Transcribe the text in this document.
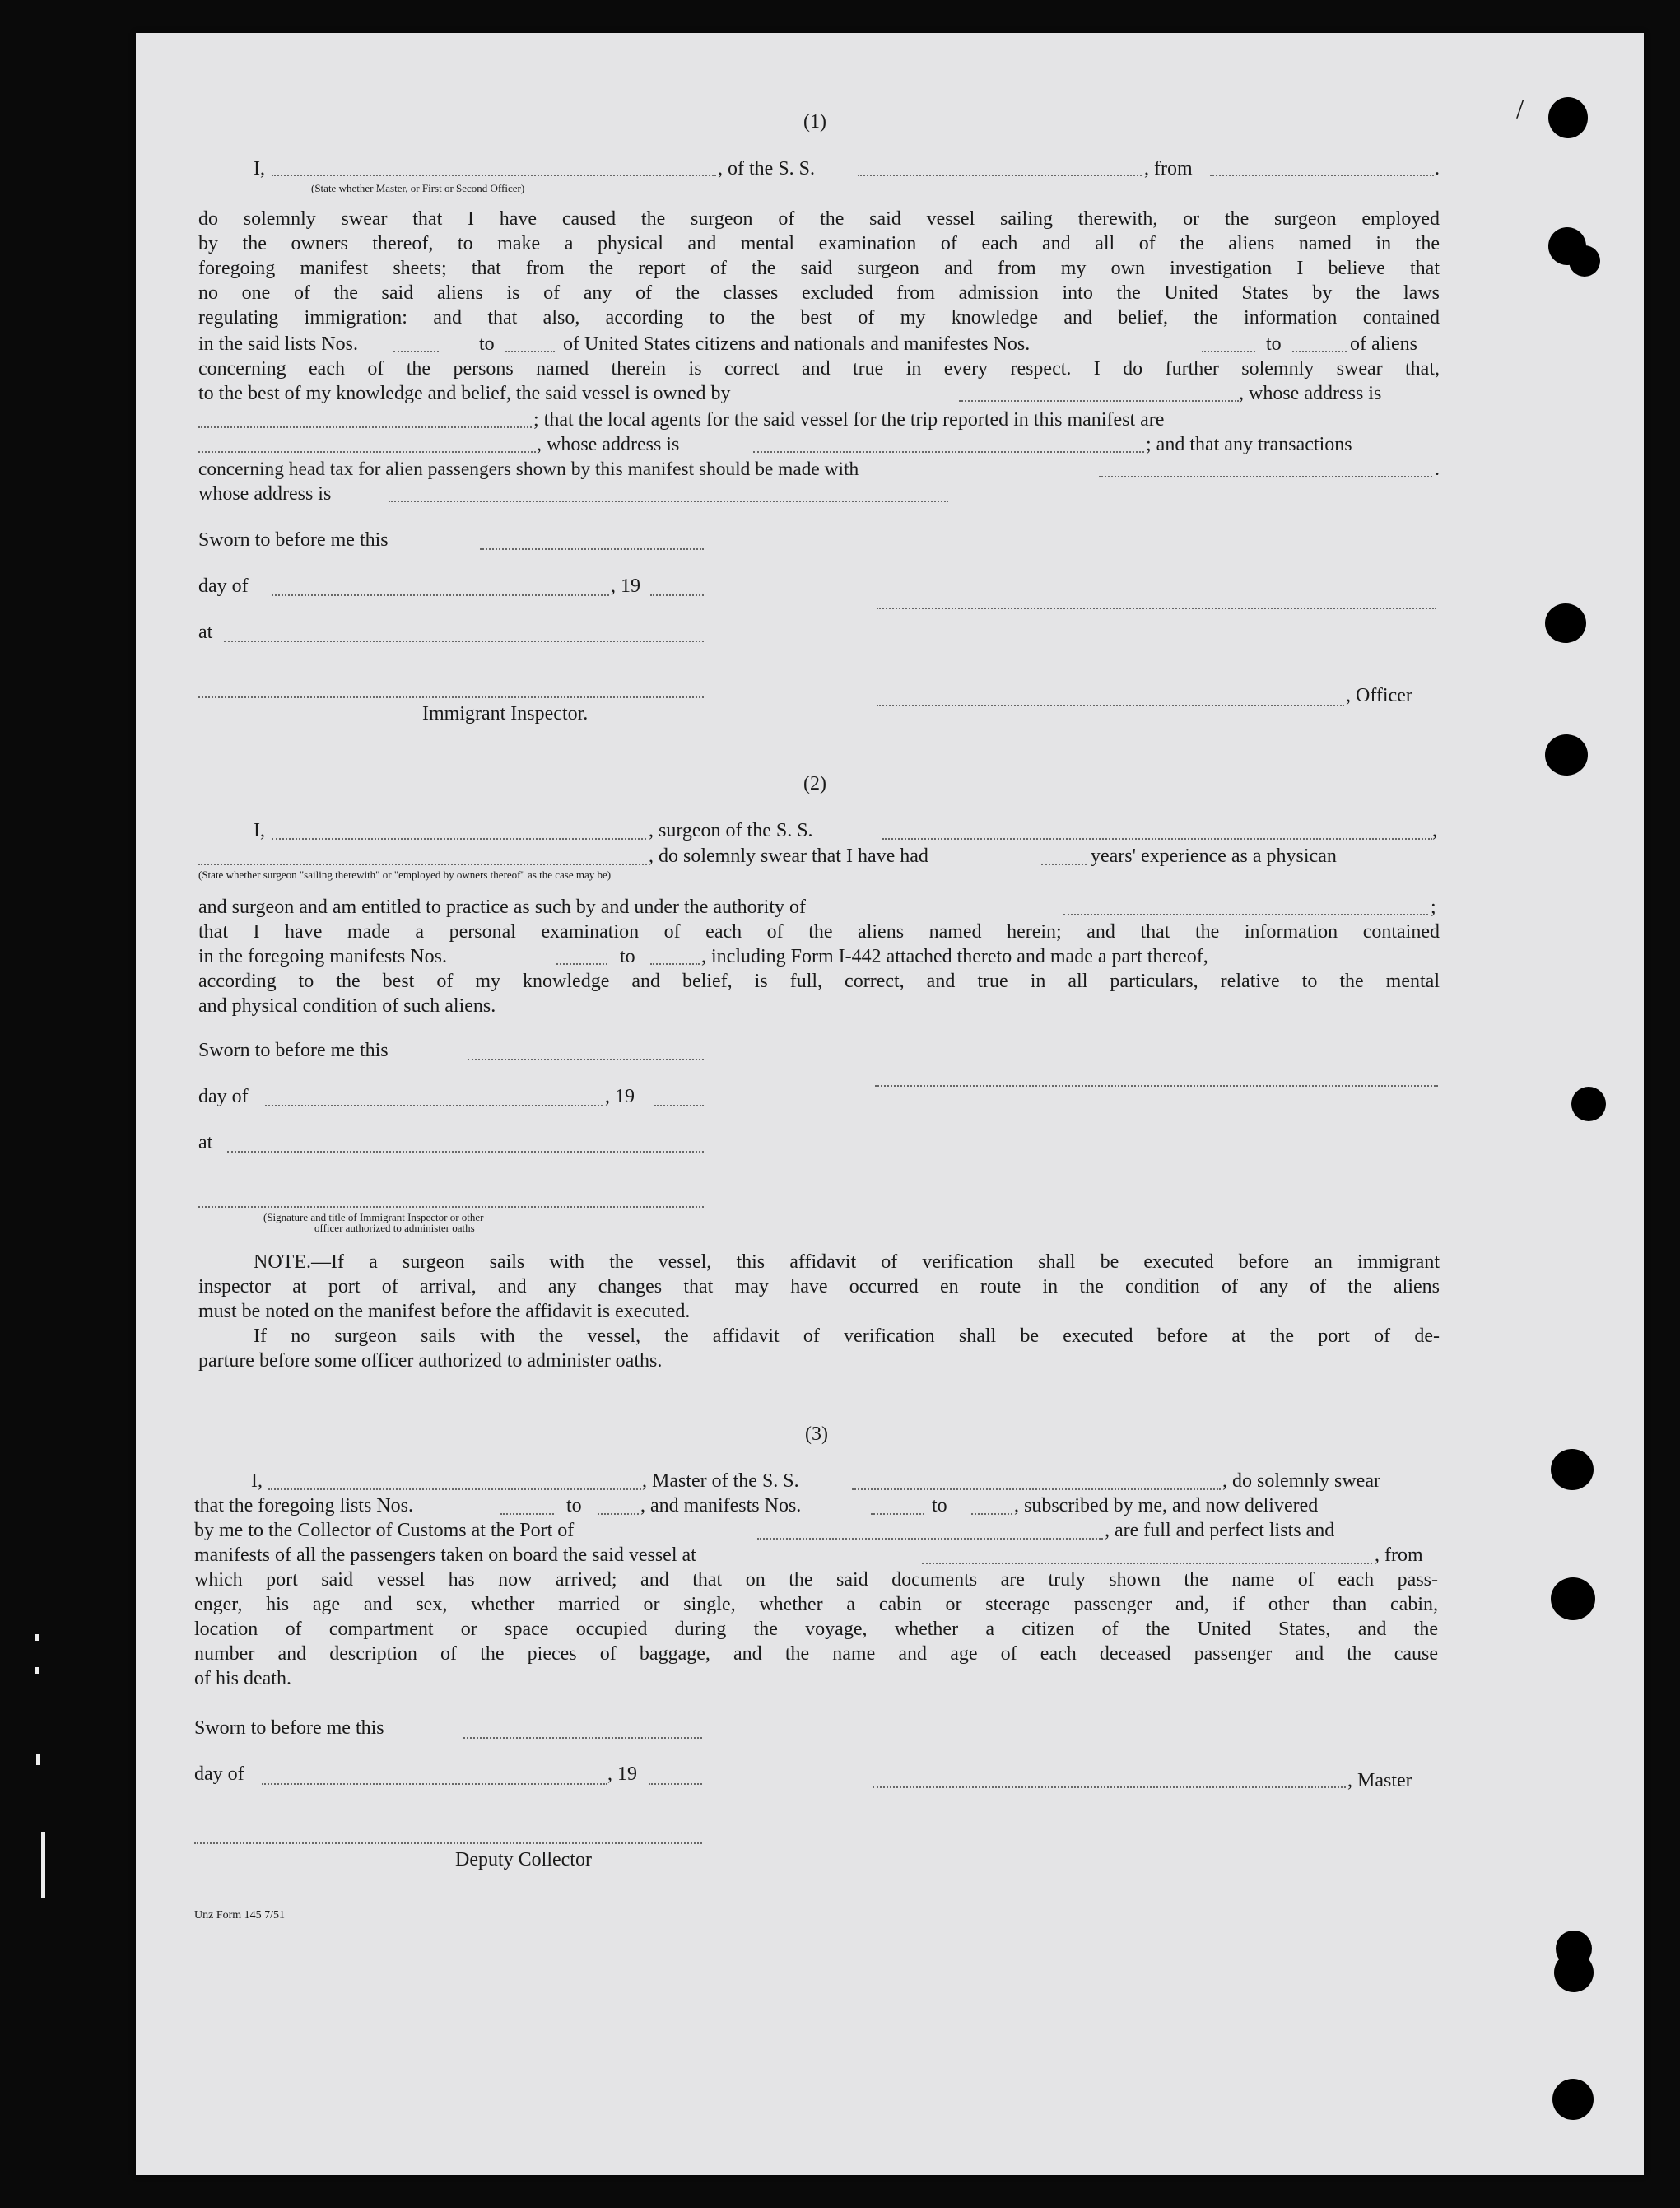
/
(1)
I,	, of the S. S.	, from	.
(State whether Master, or First or Second Officer)
do solemnly swear that I have caused the surgeon of the said vessel sailing therewith, or the surgeon employed
by the owners thereof, to make a physical and mental examination of each and all of the aliens named in the
foregoing manifest sheets; that from the report of the said surgeon and from my own investigation I believe that
no one of the said aliens is of any of the classes excluded from admission into the United States by the laws
regulating immigration: and that also, according to the best of my knowledge and belief, the information contained
in the said lists Nos.	to	of United States citizens and nationals and manifestes Nos.	to	of aliens
concerning each of the persons named therein is correct and true in every respect. I do further solemnly swear that,
to the best of my knowledge and belief, the said vessel is owned by	, whose address is
; that the local agents for the said vessel for the trip reported in this manifest are
, whose address is	; and that any transactions
concerning head tax for alien passengers shown by this manifest should be made with	.
whose address is
Sworn to before me this
day of	, 19
at
, Officer
Immigrant Inspector.
(2)
I,	, surgeon of the S. S.	,
, do solemnly swear that I have had	years' experience as a physican
(State whether surgeon "sailing therewith" or "employed by owners thereof" as the case may be)
and surgeon and am entitled to practice as such by and under the authority of	;
that I have made a personal examination of each of the aliens named herein; and that the information contained
in the foregoing manifests Nos.	to	, including Form I-442 attached thereto and made a part thereof,
according to the best of my knowledge and belief, is full, correct, and true in all particulars, relative to the mental
and physical condition of such aliens.
Sworn to before me this
day of	, 19
at
(Signature and title of Immigrant Inspector or other
officer authorized to administer oaths
NOTE.—If a surgeon sails with the vessel, this affidavit of verification shall be executed before an immigrant
inspector at port of arrival, and any changes that may have occurred en route in the condition of any of the aliens
must be noted on the manifest before the affidavit is executed.
If no surgeon sails with the vessel, the affidavit of verification shall be executed before at the port of de-
parture before some officer authorized to administer oaths.
(3)
I,	, Master of the S. S.	, do solemnly swear
that the foregoing lists Nos.	to	, and manifests Nos.	to	, subscribed by me, and now delivered
by me to the Collector of Customs at the Port of	, are full and perfect lists and
manifests of all the passengers taken on board the said vessel at	, from
which port said vessel has now arrived; and that on the said documents are truly shown the name of each pass-
enger, his age and sex, whether married or single, whether a cabin or steerage passenger and, if other than cabin,
location of compartment or space occupied during the voyage, whether a citizen of the United States, and the
number and description of the pieces of baggage, and the name and age of each deceased passenger and the cause
of his death.
Sworn to before me this
day of	, 19	, Master
Deputy Collector
Unz Form 145 7/51
